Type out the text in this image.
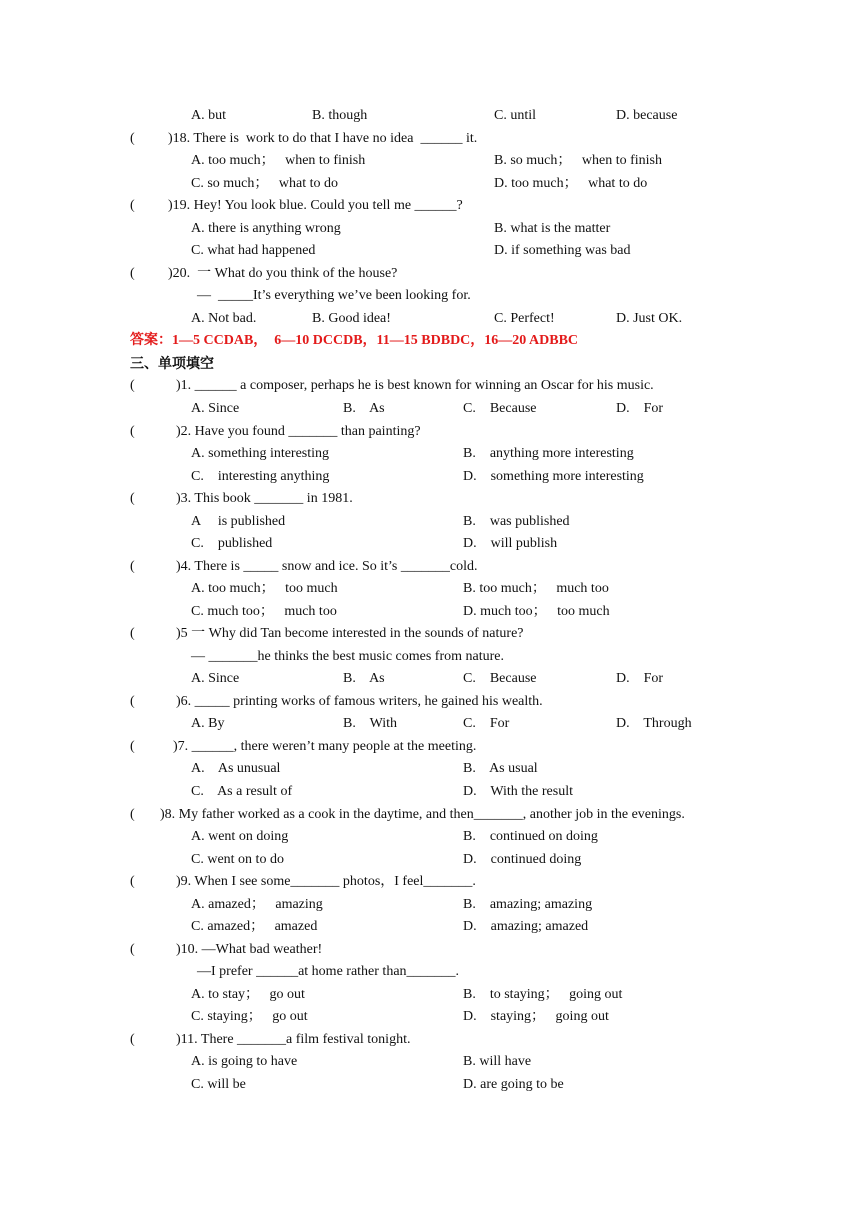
A. but	B. though	C. until	D. because
( )18. There is  work to do that I have no idea  ______ it.
A. too much；   when to finish	B. so much；   when to finish
C. so much；   what to do	D. too much；   what to do
( )19. Hey! You look blue. Could you tell me ______?
A. there is anything wrong	B. what is the matter
C. what had happened	D. if something was bad
( )20.  一 What do you think of the house?
—  _____It’s everything we’ve been looking for.
A. Not bad.	B. Good idea!	C. Perfect!	D. Just OK.
答案：1—5 CCDAB，  6—10 DCCDB，11—15 BDBDC，16—20 ADBBC
三、单项填空
(	)1. ______ a composer, perhaps he is best known for winning an Oscar for his music.
A. Since	B.    As	C.    Because	D.    For
(	)2. Have you found _______ than painting?
A. something interesting	B.    anything more interesting
C.    interesting anything	D.    something more interesting
(	)3. This book _______ in 1981.
A     is published	B.    was published
C.    published	D.    will publish
(	)4. There is _____ snow and ice. So it’s _______cold.
A. too much；   too much	B. too much；   much too
C. much too；   much too	D. much too；   too much
(	)5 一 Why did Tan become interested in the sounds of nature?
— _______he thinks the best music comes from nature.
A. Since	B.    As	C.    Because	D.    For
(	)6. _____ printing works of famous writers, he gained his wealth.
A. By	B.    With	C.    For	D.    Through
(	)7. ______, there weren’t many people at the meeting.
A.    As unusual	B.    As usual
C.    As a result of	D.    With the result
( )8. My father worked as a cook in the daytime, and then_______, another job in the evenings.
A. went on doing	B.    continued on doing
C. went on to do	D.    continued doing
(	)9. When I see some_______ photos，I feel_______.
A. amazed；   amazing	B.    amazing; amazing
C. amazed；   amazed	D.    amazing; amazed
(	)10. —What bad weather!
—I prefer ______at home rather than_______.
A. to stay；   go out	B.    to staying；   going out
C. staying；   go out	D.    staying；   going out
(	)11. There _______a film festival tonight.
A. is going to have	B. will have
C. will be	D. are going to be
